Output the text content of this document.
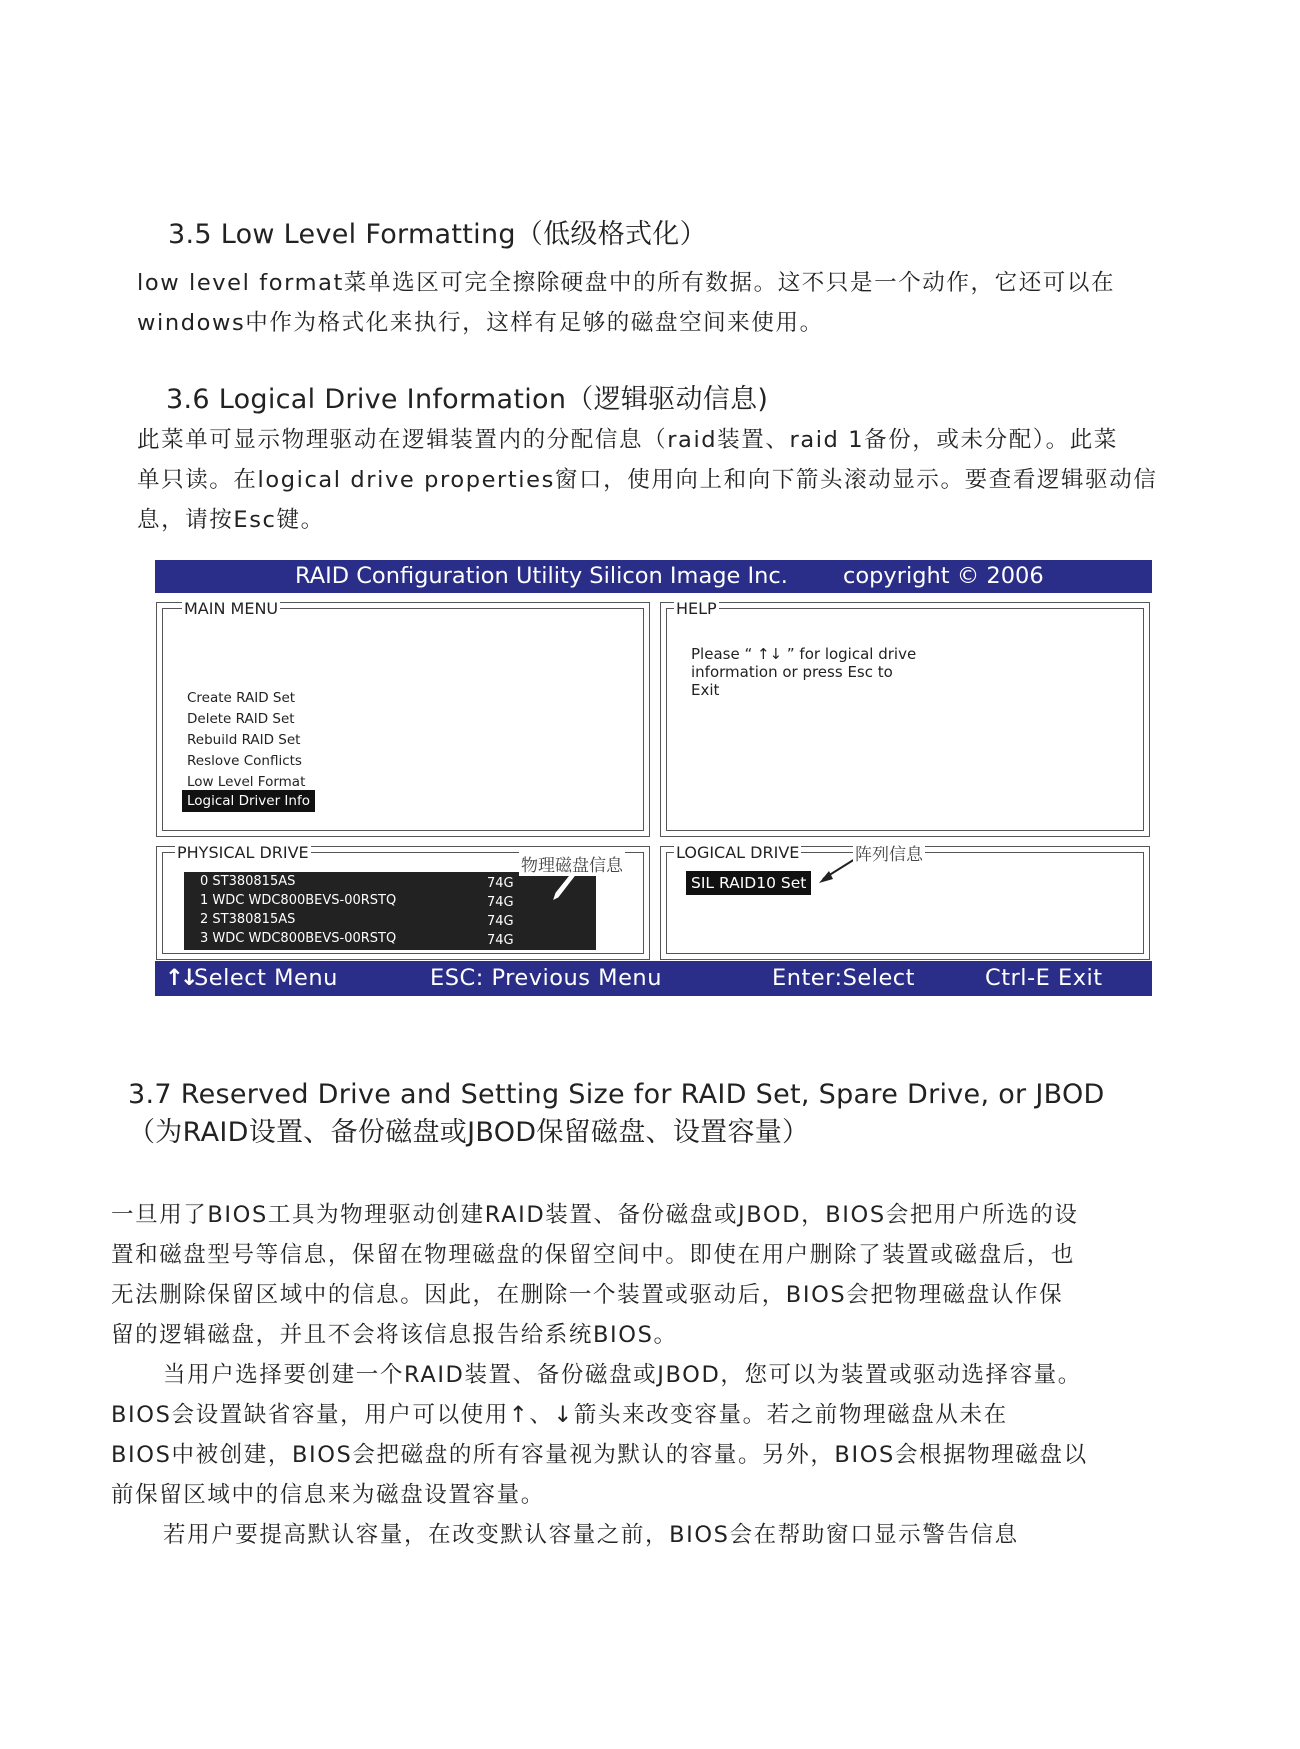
3.5 Low Level Formatting（低级格式化）
low level format菜单选区可完全擦除硬盘中的所有数据。这不只是一个动作，它还可以在
windows中作为格式化来执行，这样有足够的磁盘空间来使用。
3.6 Logical Drive Information（逻辑驱动信息)
此菜单可显示物理驱动在逻辑装置内的分配信息（raid装置、raid 1备份，或未分配）。此菜
单只读。在logical drive properties窗口，使用向上和向下箭头滚动显示。要查看逻辑驱动信
息，请按Esc键。
RAID Configuration Utility Silicon Image Inc. copyright © 2006
MAIN MENU
Create RAID Set
Delete RAID Set
Rebuild RAID Set
Reslove Conflicts
Low Level Format
Logical Driver Info
HELP
Please “ ↑↓ ” for logical drive
information or press Esc to
Exit
PHYSICAL DRIVE
0 ST380815AS	74G
1 WDC WDC800BEVS-00RSTQ	74G
2 ST380815AS	74G
3 WDC WDC800BEVS-00RSTQ	74G
物理磁盘信息
LOGICAL DRIVE
SIL RAID10 Set
阵列信息
↑↓ Select Menu	ESC: Previous Menu	Enter:Select	Ctrl-E Exit
3.7 Reserved Drive and Setting Size for RAID Set, Spare Drive, or JBOD
（为RAID设置、备份磁盘或JBOD保留磁盘、设置容量）
一旦用了BIOS工具为物理驱动创建RAID装置、备份磁盘或JBOD，BIOS会把用户所选的设
置和磁盘型号等信息，保留在物理磁盘的保留空间中。即使在用户删除了装置或磁盘后，也
无法删除保留区域中的信息。因此，在删除一个装置或驱动后，BIOS会把物理磁盘认作保
留的逻辑磁盘，并且不会将该信息报告给系统BIOS。
当用户选择要创建一个RAID装置、备份磁盘或JBOD，您可以为装置或驱动选择容量。
BIOS会设置缺省容量，用户可以使用↑、↓箭头来改变容量。若之前物理磁盘从未在
BIOS中被创建，BIOS会把磁盘的所有容量视为默认的容量。另外，BIOS会根据物理磁盘以
前保留区域中的信息来为磁盘设置容量。
若用户要提高默认容量，在改变默认容量之前，BIOS会在帮助窗口显示警告信息
